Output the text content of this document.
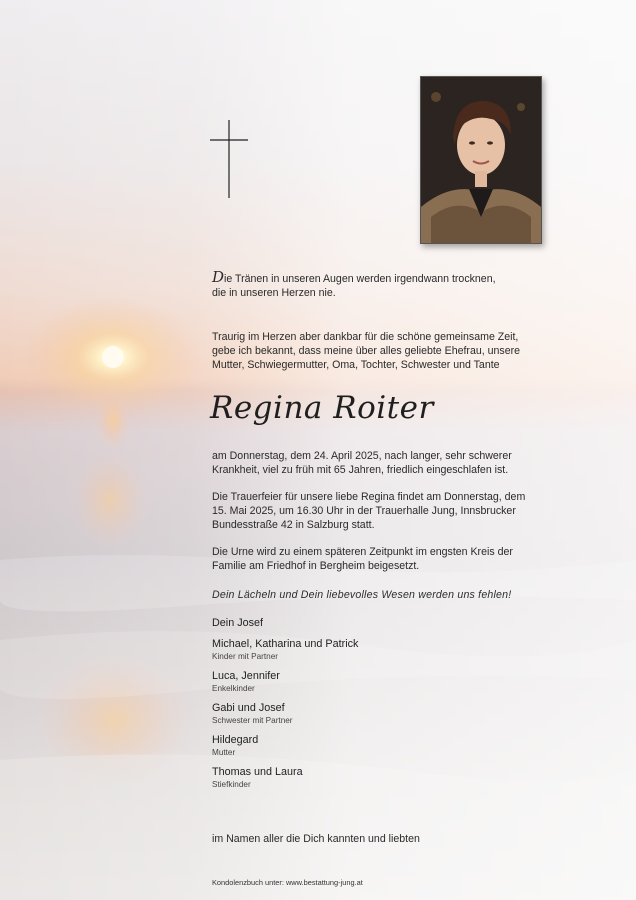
Die Tränen in unseren Augen werden irgendwann trocknen,
die in unseren Herzen nie.
Traurig im Herzen aber dankbar für die schöne gemeinsame Zeit,
gebe ich bekannt, dass meine über alles geliebte Ehefrau, unsere
Mutter, Schwiegermutter, Oma, Tochter, Schwester und Tante
Regina Roiter
am Donnerstag, dem 24. April 2025, nach langer, sehr schwerer
Krankheit, viel zu früh mit 65 Jahren, friedlich eingeschlafen ist.
Die Trauerfeier für unsere liebe Regina findet am Donnerstag, dem
15. Mai 2025, um 16.30 Uhr in der Trauerhalle Jung, Innsbrucker
Bundesstraße 42 in Salzburg statt.
Die Urne wird zu einem späteren Zeitpunkt im engsten Kreis der
Familie am Friedhof in Bergheim beigesetzt.
Dein Lächeln und Dein liebevolles Wesen werden uns fehlen!
Dein Josef
Michael, Katharina und Patrick
Kinder mit Partner
Luca, Jennifer
Enkelkinder
Gabi und Josef
Schwester mit Partner
Hildegard
Mutter
Thomas und Laura
Stiefkinder
im Namen aller die Dich kannten und liebten
Kondolenzbuch unter: www.bestattung-jung.at
